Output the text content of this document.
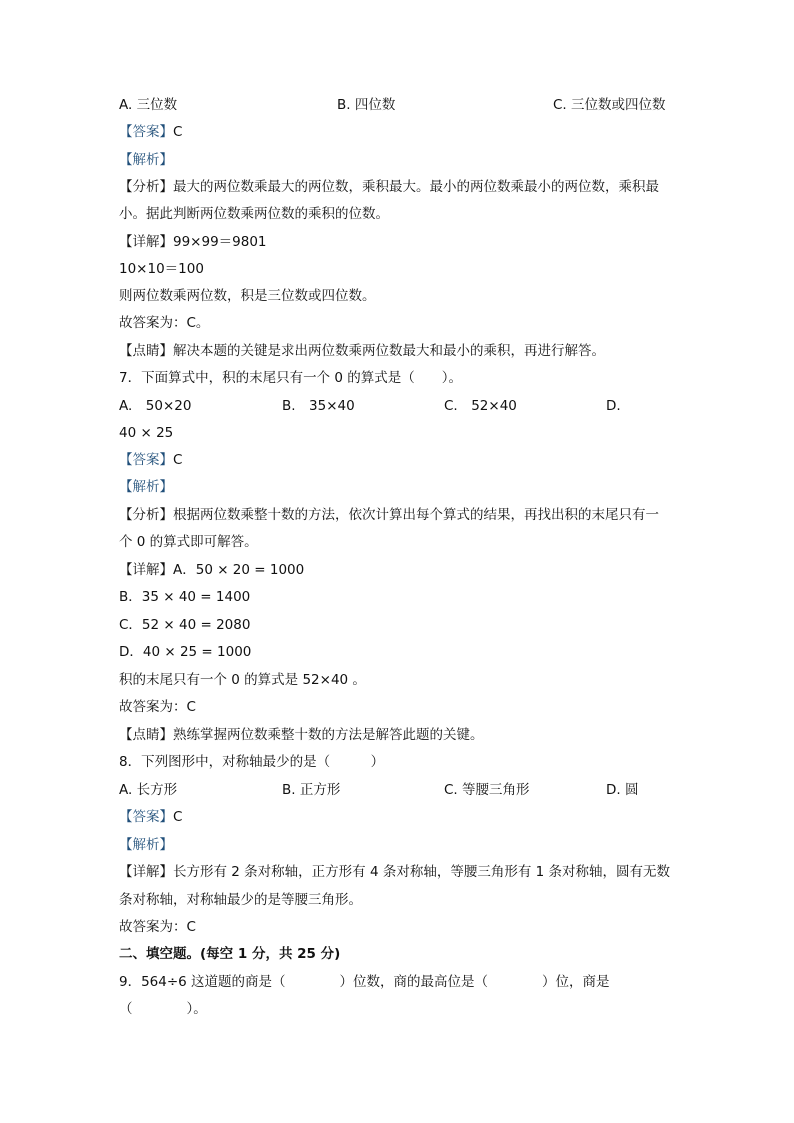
A. 三位数	B. 四位数	C. 三位数或四位数
【答案】C
【解析】
【分析】最大的两位数乘最大的两位数，乘积最大。最小的两位数乘最小的两位数，乘积最
小。据此判断两位数乘两位数的乘积的位数。
【详解】99×99＝9801
10×10＝100
则两位数乘两位数，积是三位数或四位数。
故答案为：C。
【点睛】解决本题的关键是求出两位数乘两位数最大和最小的乘积，再进行解答。
7．下面算式中，积的末尾只有一个 0 的算式是（　　）。
A.　50×20	B.　35×40	C.　52×40	D.
40 × 25
【答案】C
【解析】
【分析】根据两位数乘整十数的方法，依次计算出每个算式的结果，再找出积的末尾只有一
个 0 的算式即可解答。
【详解】A．50 × 20 = 1000
B．35 × 40 = 1400
C．52 × 40 = 2080
D．40 × 25 = 1000
积的末尾只有一个 0 的算式是 52×40 。
故答案为：C
【点睛】熟练掌握两位数乘整十数的方法是解答此题的关键。
8．下列图形中，对称轴最少的是（　　　）
A. 长方形	B. 正方形	C. 等腰三角形	D. 圆
【答案】C
【解析】
【详解】长方形有 2 条对称轴，正方形有 4 条对称轴，等腰三角形有 1 条对称轴，圆有无数
条对称轴，对称轴最少的是等腰三角形。
故答案为：C
二、填空题。(每空 1 分，共 25 分)
9．564÷6 这道题的商是（　　　　）位数，商的最高位是（　　　　）位，商是
（　　　　）。
